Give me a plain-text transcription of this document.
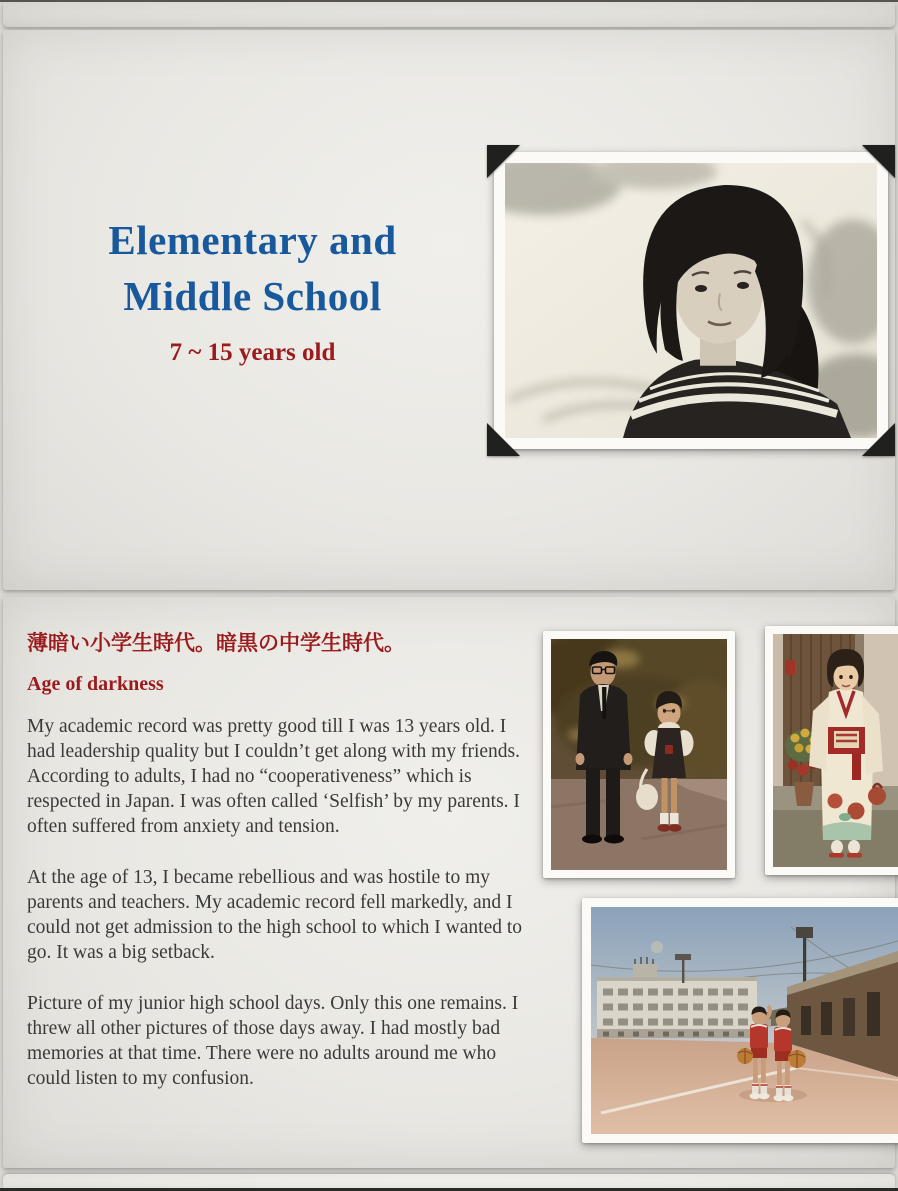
Elementary and
Middle School
7 ~ 15 years old
薄暗い小学生時代。暗黒の中学生時代。
Age of darkness

My academic record was pretty good till I was 13 years old. I had leadership quality but I couldn’t get along with my friends. According to adults, I had no “cooperativeness” which is respected in Japan. I was often called ‘Selfish’ by my parents. I often suffered from anxiety and tension.

At the age of 13, I became rebellious and was hostile to my parents and teachers. My academic record fell markedly, and I could not get admission to the high school to which I wanted to go. It was a big setback.

Picture of my junior high school days. Only this one remains. I threw all other pictures of those days away. I had mostly bad memories at that time. There were no adults around me who could listen to my confusion.
